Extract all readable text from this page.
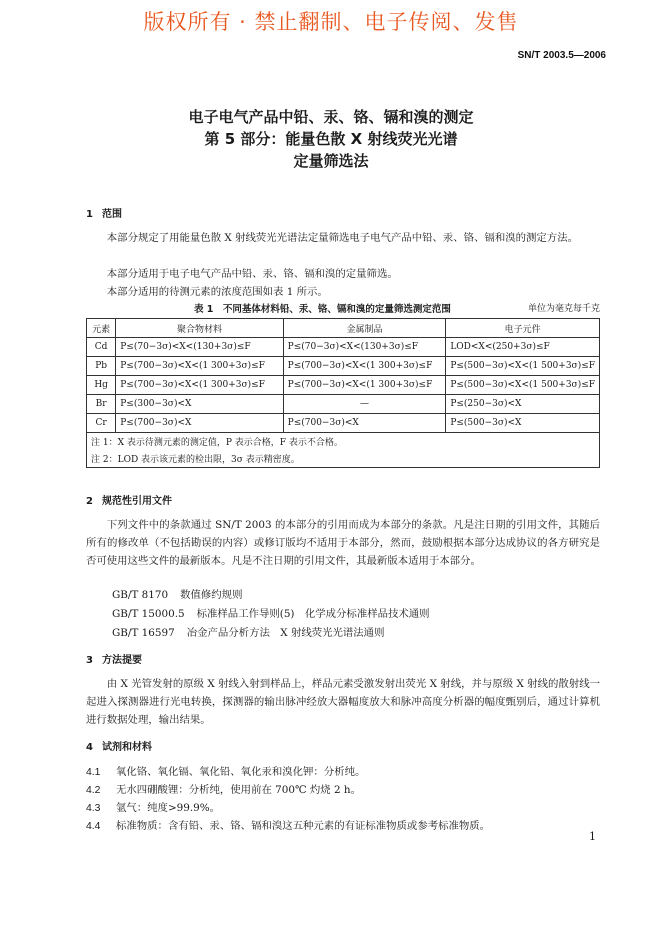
版权所有 · 禁止翻制、电子传阅、发售
SN/T 2003.5—2006
电子电气产品中铅、汞、铬、镉和溴的测定
第 5 部分：能量色散 X 射线荧光光谱
定量筛选法
1 范围

本部分规定了用能量色散 X 射线荧光光谱法定量筛选电子电气产品中铅、汞、铬、镉和溴的测定方法。

本部分适用于电子电气产品中铅、汞、铬、镉和溴的定量筛选。

本部分适用的待测元素的浓度范围如表 1 所示。

表 1　不同基体材料铅、汞、铬、镉和溴的定量筛选测定范围	单位为毫克每千克
元素	聚合物材料	金属制品	电子元件
Cd	P≤(70−3σ)<X<(130+3σ)≤F	P≤(70−3σ)<X<(130+3σ)≤F	LOD<X<(250+3σ)≤F
Pb	P≤(700−3σ)<X<(1 300+3σ)≤F	P≤(700−3σ)<X<(1 300+3σ)≤F	P≤(500−3σ)<X<(1 500+3σ)≤F
Hg	P≤(700−3σ)<X<(1 300+3σ)≤F	P≤(700−3σ)<X<(1 300+3σ)≤F	P≤(500−3σ)<X<(1 500+3σ)≤F
Br	P≤(300−3σ)<X	—	P≤(250−3σ)<X
Cr	P≤(700−3σ)<X	P≤(700−3σ)<X	P≤(500−3σ)<X
注 1：X 表示待测元素的测定值，P 表示合格，F 表示不合格。			
注 2：LOD 表示该元素的检出限，3σ 表示精密度。			
2 规范性引用文件

下列文件中的条款通过 SN/T 2003 的本部分的引用而成为本部分的条款。凡是注日期的引用文件，其随后所有的修改单（不包括勘误的内容）或修订版均不适用于本部分，然而，鼓励根据本部分达成协议的各方研究是否可使用这些文件的最新版本。凡是不注日期的引用文件，其最新版本适用于本部分。

GB/T 8170 数值修约规则
GB/T 15000.5 标准样品工作导则(5)　化学成分标准样品技术通则
GB/T 16597 冶金产品分析方法　X 射线荧光光谱法通则
3 方法提要

由 X 光管发射的原级 X 射线入射到样品上，样品元素受激发射出荧光 X 射线，并与原级 X 射线的散射线一起进入探测器进行光电转换，探测器的输出脉冲经放大器幅度放大和脉冲高度分析器的幅度甄别后，通过计算机进行数据处理，输出结果。

4 试剂和材料
4.1 氧化铬、氧化镉、氧化铅、氧化汞和溴化钾：分析纯。
4.2 无水四硼酸锂：分析纯，使用前在 700℃ 灼烧 2 h。
4.3 氩气：纯度>99.9%。
4.4 标准物质：含有铅、汞、铬、镉和溴这五种元素的有证标准物质或参考标准物质。
1
